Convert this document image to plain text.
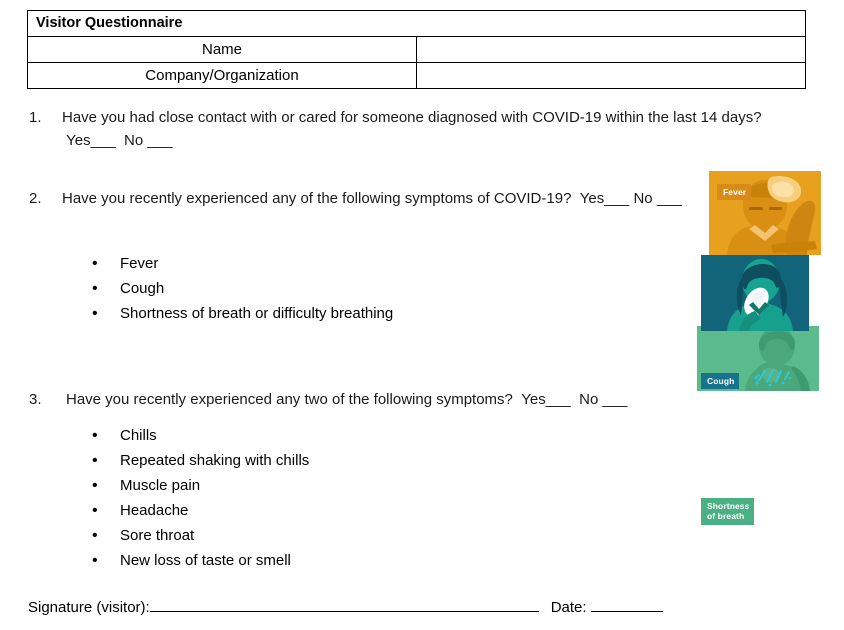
Visitor Questionnaire	
Name	
Company/Organization	
1.	Have you had close contact with or cared for someone diagnosed with COVID-19 within the last 14 days?  Yes___ No ___
2.	Have you recently experienced any of the following symptoms of COVID-19? Yes___ No ___
• Fever
• Cough
• Shortness of breath or difficulty breathing
3.	Have you recently experienced any two of the following symptoms? Yes___ No ___
• Chills
• Repeated shaking with chills
• Muscle pain
• Headache
• Sore throat
• New loss of taste or smell
Signature (visitor):	Date:
Fever
Cough
Shortness
of breath
